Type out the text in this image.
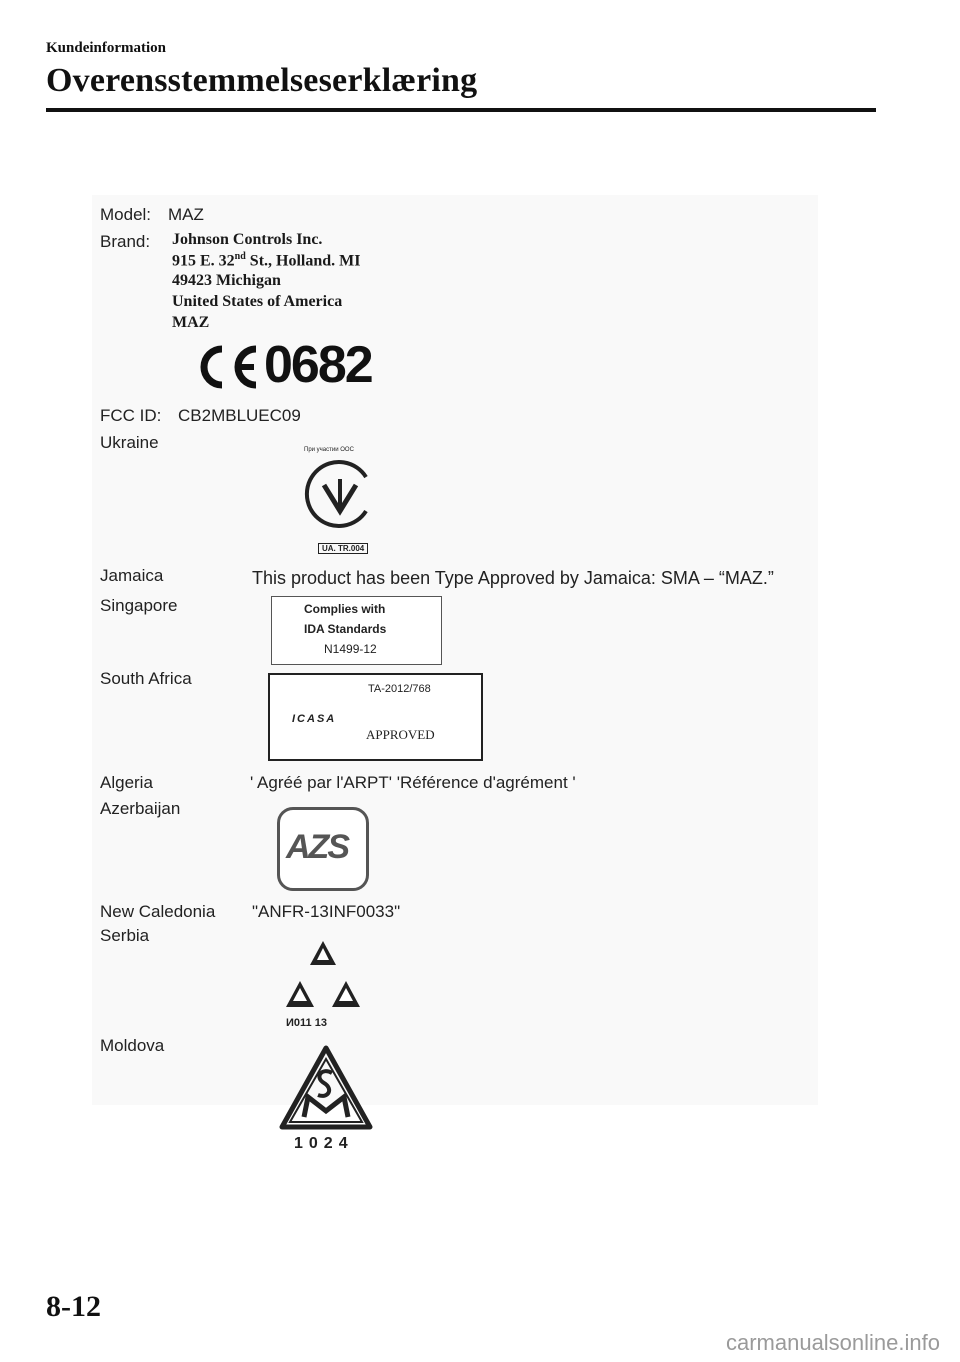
Kundeinformation
Overensstemmelseserklæring
Model: MAZ
Brand: Johnson Controls Inc.
915 E. 32nd St., Holland. MI
49423 Michigan
United States of America
MAZ
0682
FCC ID: CB2MBLUEC09
Ukraine	При участии ООС
UA. TR.004
Jamaica	This product has been Type Approved by Jamaica: SMA – “MAZ.”
Singapore	Complies with
IDA Standards
N1499-12
South Africa
TA-2012/768
ICASA
APPROVED
Algeria	' Agréé par l'ARPT' 'Référence d'agrément '
Azerbaijan
AZS
New Caledonia "ANFR-13INF0033"
Serbia
И011 13
Moldova
1024
8-12
carmanualsonline.info
